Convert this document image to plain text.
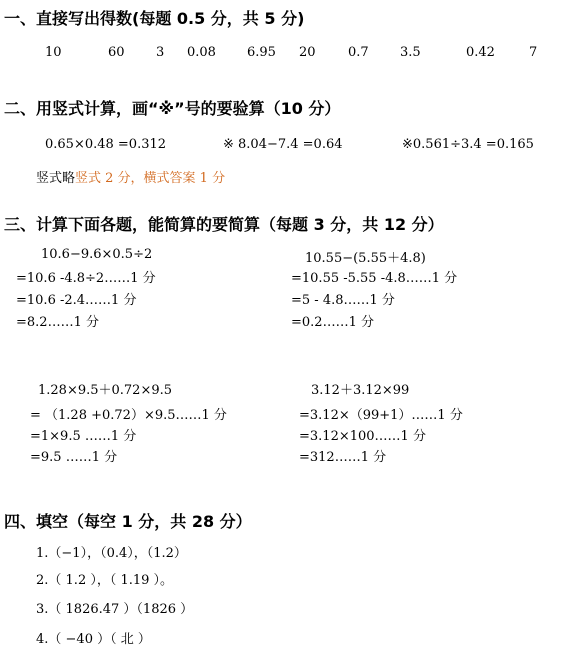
一、直接写出得数(每题 0.5 分，共 5 分)
10	60 3 0.08 6.95 20 0.7 3.5	0.42	7
二、用竖式计算，画“※”号的要验算（10 分）
0.65×0.48 =0.312	※ 8.04−7.4 =0.64	※0.561÷3.4 =0.165
竖式略竖式 2 分，横式答案 1 分
三、计算下面各题，能简算的要简算（每题 3 分，共 12 分）
10.6−9.6×0.5÷2
=10.6 -4.8÷2……1 分
=10.6 -2.4……1 分
=8.2……1 分
10.55−(5.55＋4.8)
=10.55 -5.55 -4.8……1 分
=5 - 4.8……1 分
=0.2……1 分
1.28×9.5＋0.72×9.5
= （1.28 +0.72）×9.5……1 分
=1×9.5 ……1 分
=9.5 ……1 分
3.12＋3.12×99
=3.12×（99+1）……1 分
=3.12×100……1 分
=312……1 分
四、填空（每空 1 分，共 28 分）
1.（−1），（0.4），（1.2）
2.（ 1.2 ），（ 1.19 ）。
3.（ 1826.47 ）（1826 ）
4.（ −40 ）（ 北 ）
